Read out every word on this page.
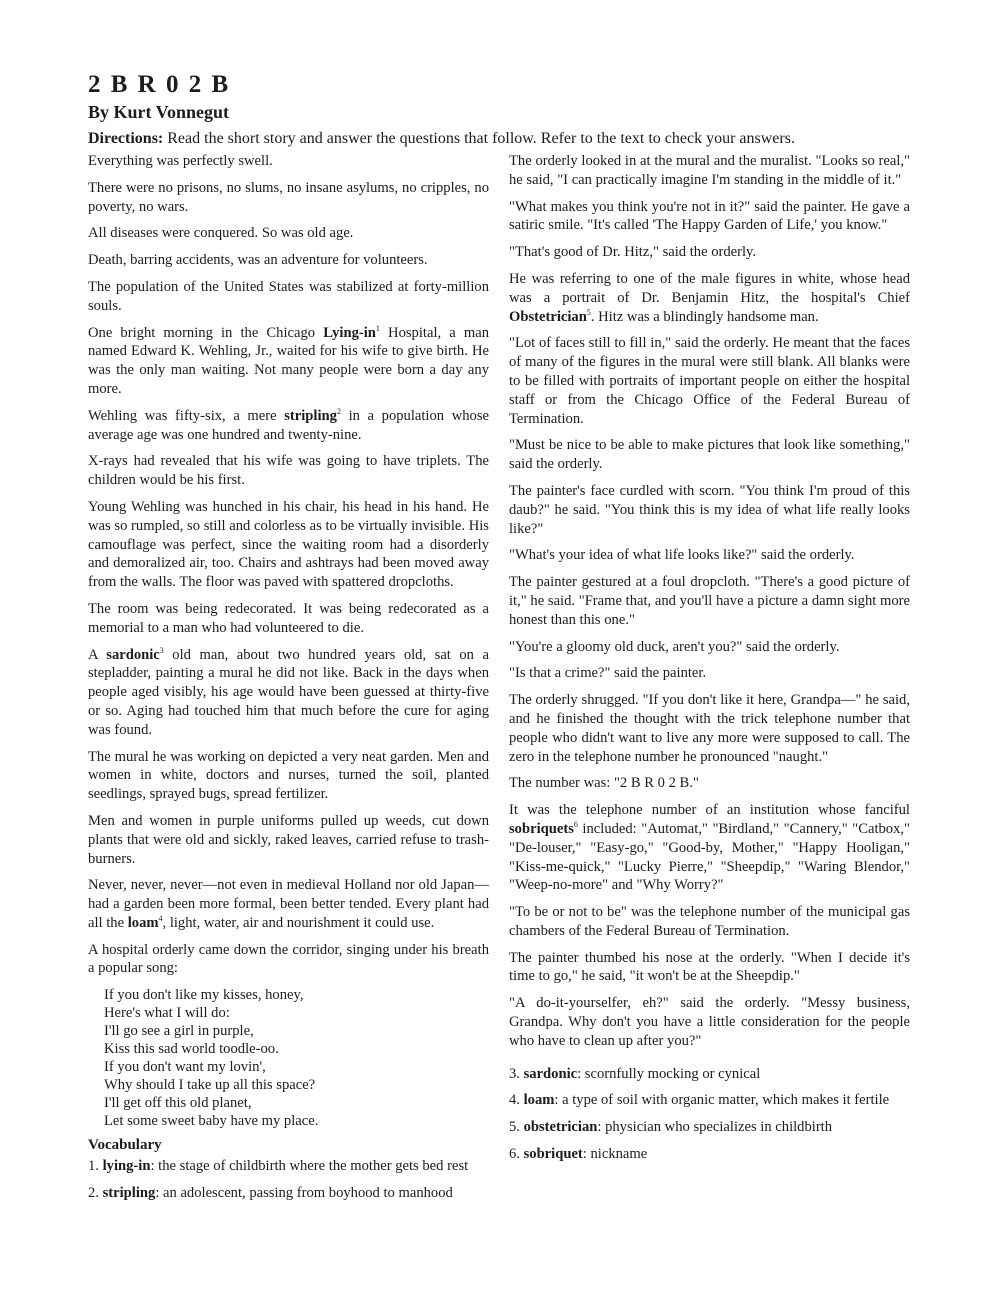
2 B R 0 2 B
By Kurt Vonnegut
Directions: Read the short story and answer the questions that follow. Refer to the text to check your answers.

Everything was perfectly swell.

There were no prisons, no slums, no insane asylums, no cripples, no poverty, no wars.

All diseases were conquered. So was old age.

Death, barring accidents, was an adventure for volunteers.

The population of the United States was stabilized at forty-million souls.

One bright morning in the Chicago Lying-$in^1$ Hospital, a man named Edward K. Wehling, Jr., waited for his wife to give birth. He was the only man waiting. Not many people were born a day any more.

Wehling was fifty-six, a mere stripling$^2$ in a population whose average age was one hundred and twenty-nine.

X-rays had revealed that his wife was going to have triplets. The children would be his first.

Young Wehling was hunched in his chair, his head in his hand. He was so rumpled, so still and colorless as to be virtually invisible. His camouflage was perfect, since the waiting room had a disorderly and demoralized air, too. Chairs and ashtrays had been moved away from the walls. The floor was paved with spattered dropcloths.

The room was being redecorated. It was being redecorated as a memorial to a man who had volunteered to die.

A sardonic$^3$ old man, about two hundred years old, sat on a stepladder, painting a mural he did not like. Back in the days when people aged visibly, his age would have been guessed at thirty-five or so. Aging had touched him that much before the cure for aging was found.

The mural he was working on depicted a very neat garden. Men and women in white, doctors and nurses, turned the soil, planted seedlings, sprayed bugs, spread fertilizer.

Men and women in purple uniforms pulled up weeds, cut down plants that were old and sickly, raked leaves, carried refuse to trash-burners.

Never, never, never—not even in medieval Holland nor old Japan—had a garden been more formal, been better tended. Every plant had all the loam$^4$, light, water, air and nourishment it could use.

A hospital orderly came down the corridor, singing under his breath a popular song:

If you don't like my kisses, honey,
Here's what I will do:
I'll go see a girl in purple,
Kiss this sad world toodle-oo.
If you don't want my lovin',
Why should I take up all this space?
I'll get off this old planet,
Let some sweet baby have my place.
Vocabulary

1. lying-in: the stage of childbirth where the mother gets bed rest

2. stripling: an adolescent, passing from boyhood to manhood

The orderly looked in at the mural and the muralist. "Looks so real," he said, "I can practically imagine I'm standing in the middle of it."

"What makes you think you're not in it?" said the painter. He gave a satiric smile. "It's called 'The Happy Garden of Life,' you know."

"That's good of Dr. Hitz," said the orderly.

He was referring to one of the male figures in white, whose head was a portrait of Dr. Benjamin Hitz, the hospital's Chief Obstetrician$^5$. Hitz was a blindingly handsome man.

"Lot of faces still to fill in," said the orderly. He meant that the faces of many of the figures in the mural were still blank. All blanks were to be filled with portraits of important people on either the hospital staff or from the Chicago Office of the Federal Bureau of Termination.

"Must be nice to be able to make pictures that look like something," said the orderly.

The painter's face curdled with scorn. "You think I'm proud of this daub?" he said. "You think this is my idea of what life really looks like?"

"What's your idea of what life looks like?" said the orderly.

The painter gestured at a foul dropcloth. "There's a good picture of it," he said. "Frame that, and you'll have a picture a damn sight more honest than this one."

"You're a gloomy old duck, aren't you?" said the orderly.

"Is that a crime?" said the painter.

The orderly shrugged. "If you don't like it here, Grandpa—" he said, and he finished the thought with the trick telephone number that people who didn't want to live any more were supposed to call. The zero in the telephone number he pronounced "naught."

The number was: "2 B R 0 2 B."

It was the telephone number of an institution whose fanciful sobriquets$^6$ included: "Automat," "Birdland," "Cannery," "Catbox," "De-louser," "Easy-go," "Good-by, Mother," "Happy Hooligan," "Kiss-me-quick," "Lucky Pierre," "Sheepdip," "Waring Blendor," "Weep-no-more" and "Why Worry?"

"To be or not to be" was the telephone number of the municipal gas chambers of the Federal Bureau of Termination.

The painter thumbed his nose at the orderly. "When I decide it's time to go," he said, "it won't be at the Sheepdip."

"A do-it-yourselfer, eh?" said the orderly. "Messy business, Grandpa. Why don't you have a little consideration for the people who have to clean up after you?"

3. sardonic: scornfully mocking or cynical

4. loam: a type of soil with organic matter, which makes it fertile

5. obstetrician: physician who specializes in childbirth

6. sobriquet: nickname
